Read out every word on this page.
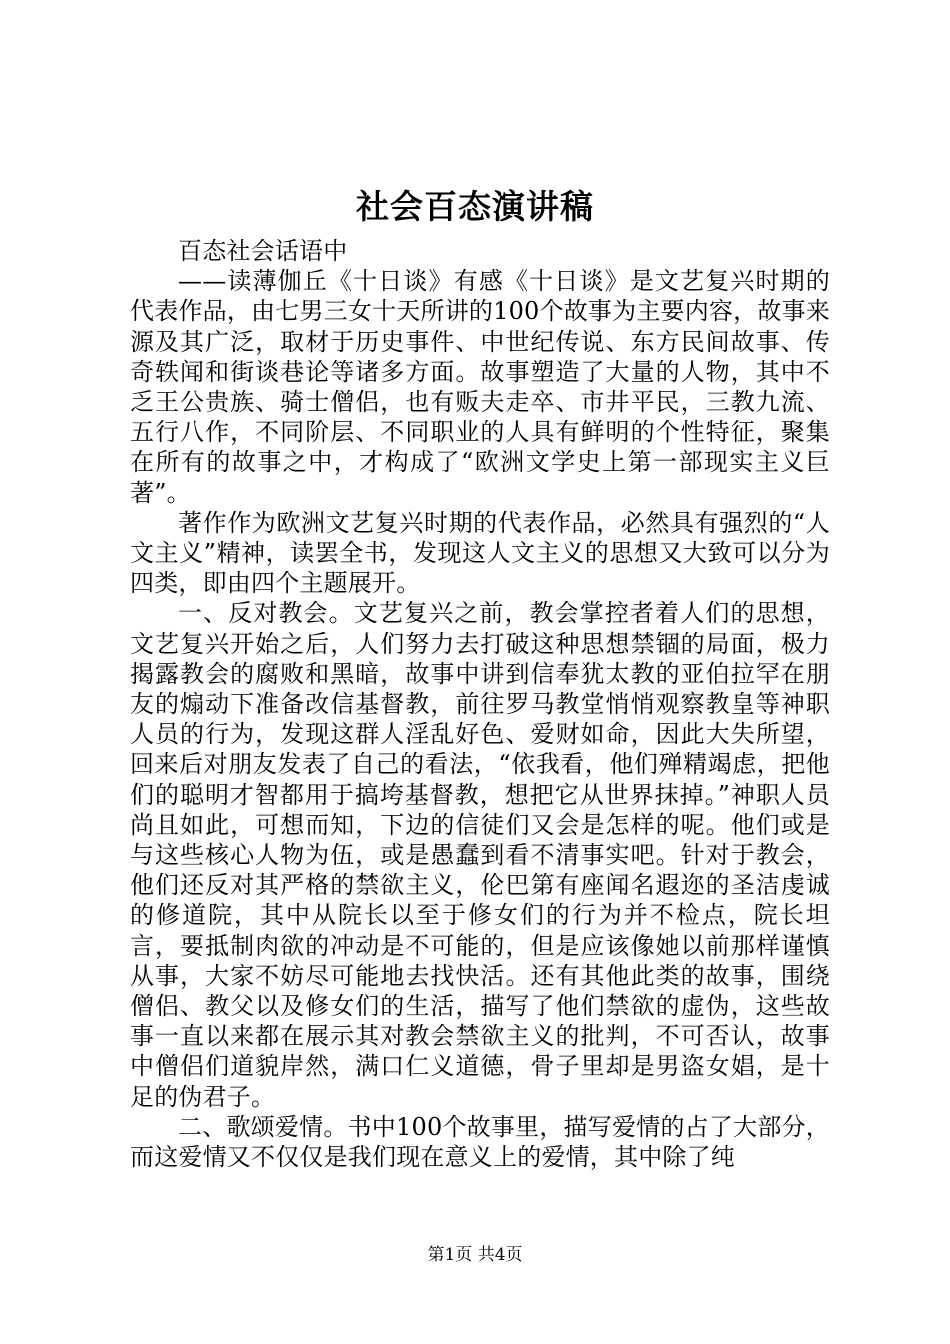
社会百态演讲稿

百态社会话语中

——读薄伽丘《十日谈》有感《十日谈》是文艺复兴时期的代表作品，由七男三女十天所讲的100个故事为主要内容，故事来源及其广泛，取材于历史事件、中世纪传说、东方民间故事、传奇轶闻和街谈巷论等诸多方面。故事塑造了大量的人物，其中不乏王公贵族、骑士僧侣，也有贩夫走卒、市井平民，三教九流、五行八作，不同阶层、不同职业的人具有鲜明的个性特征，聚集在所有的故事之中，才构成了“欧洲文学史上第一部现实主义巨著”。

著作作为欧洲文艺复兴时期的代表作品，必然具有强烈的“人文主义”精神，读罢全书，发现这人文主义的思想又大致可以分为四类，即由四个主题展开。

一、反对教会。文艺复兴之前，教会掌控者着人们的思想，文艺复兴开始之后，人们努力去打破这种思想禁锢的局面，极力揭露教会的腐败和黑暗，故事中讲到信奉犹太教的亚伯拉罕在朋友的煽动下准备改信基督教，前往罗马教堂悄悄观察教皇等神职人员的行为，发现这群人淫乱好色、爱财如命，因此大失所望，回来后对朋友发表了自己的看法，“依我看，他们殚精竭虑，把他们的聪明才智都用于搞垮基督教，想把它从世界抹掉。”神职人员尚且如此，可想而知，下边的信徒们又会是怎样的呢。他们或是与这些核心人物为伍，或是愚蠢到看不清事实吧。针对于教会，他们还反对其严格的禁欲主义，伦巴第有座闻名遐迩的圣洁虔诚的修道院，其中从院长以至于修女们的行为并不检点，院长坦言，要抵制肉欲的冲动是不可能的，但是应该像她以前那样谨慎从事，大家不妨尽可能地去找快活。还有其他此类的故事，围绕僧侣、教父以及修女们的生活，描写了他们禁欲的虚伪，这些故事一直以来都在展示其对教会禁欲主义的批判，不可否认，故事中僧侣们道貌岸然，满口仁义道德，骨子里却是男盗女娼，是十足的伪君子。

二、歌颂爱情。书中100个故事里，描写爱情的占了大部分，而这爱情又不仅仅是我们现在意义上的爱情，其中除了纯

第1页 共4页
